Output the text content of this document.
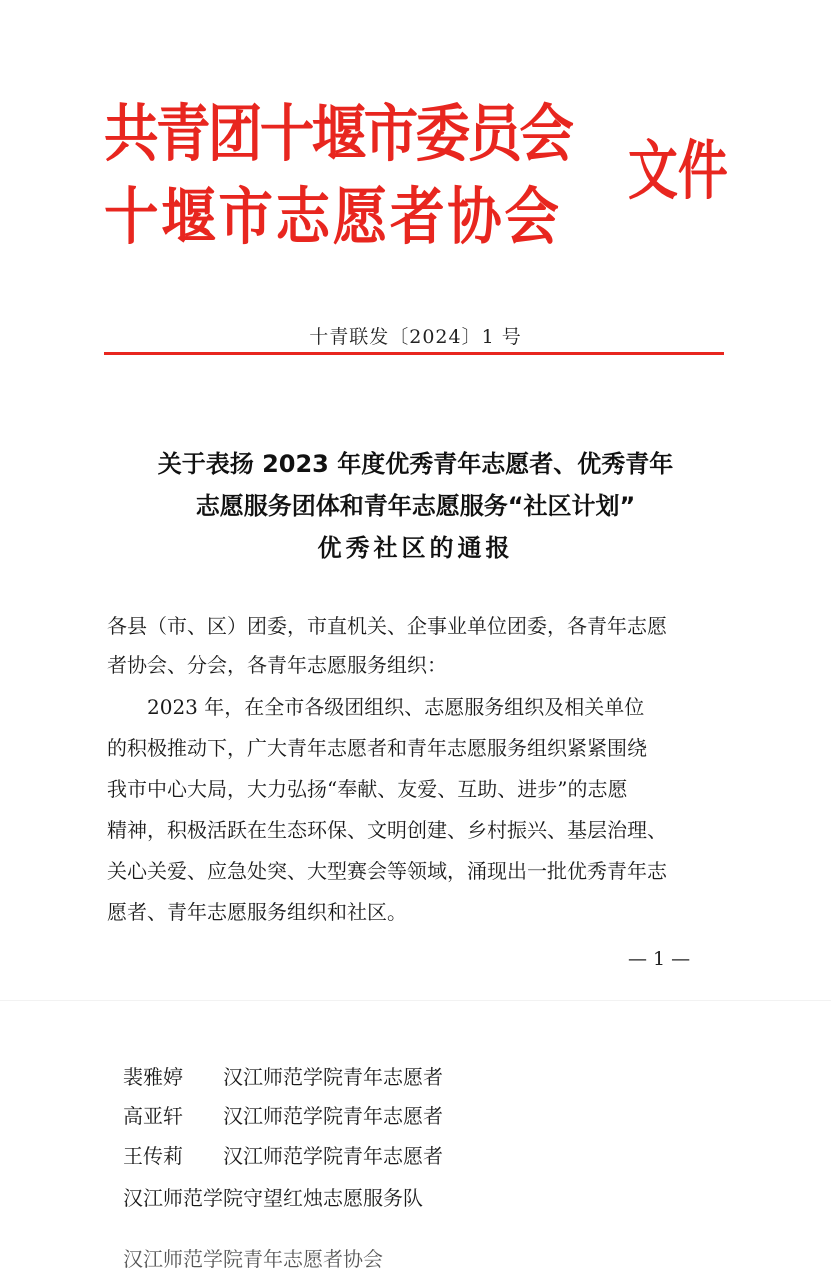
共青团十堰市委员会
十堰市志愿者协会
文件
十青联发〔2024〕1 号
关于表扬 2023 年度优秀青年志愿者、优秀青年
志愿服务团体和青年志愿服务“社区计划”
优秀社区的通报
各县（市、区）团委，市直机关、企事业单位团委，各青年志愿
者协会、分会，各青年志愿服务组织：
　　2023 年，在全市各级团组织、志愿服务组织及相关单位
的积极推动下，广大青年志愿者和青年志愿服务组织紧紧围绕
我市中心大局，大力弘扬“奉献、友爱、互助、进步”的志愿
精神，积极活跃在生态环保、文明创建、乡村振兴、基层治理、
关心关爱、应急处突、大型赛会等领域，涌现出一批优秀青年志
愿者、青年志愿服务组织和社区。
— 1 —
裴雅婷 汉江师范学院青年志愿者
高亚轩 汉江师范学院青年志愿者
王传莉 汉江师范学院青年志愿者
汉江师范学院守望红烛志愿服务队
汉江师范学院青年志愿者协会
